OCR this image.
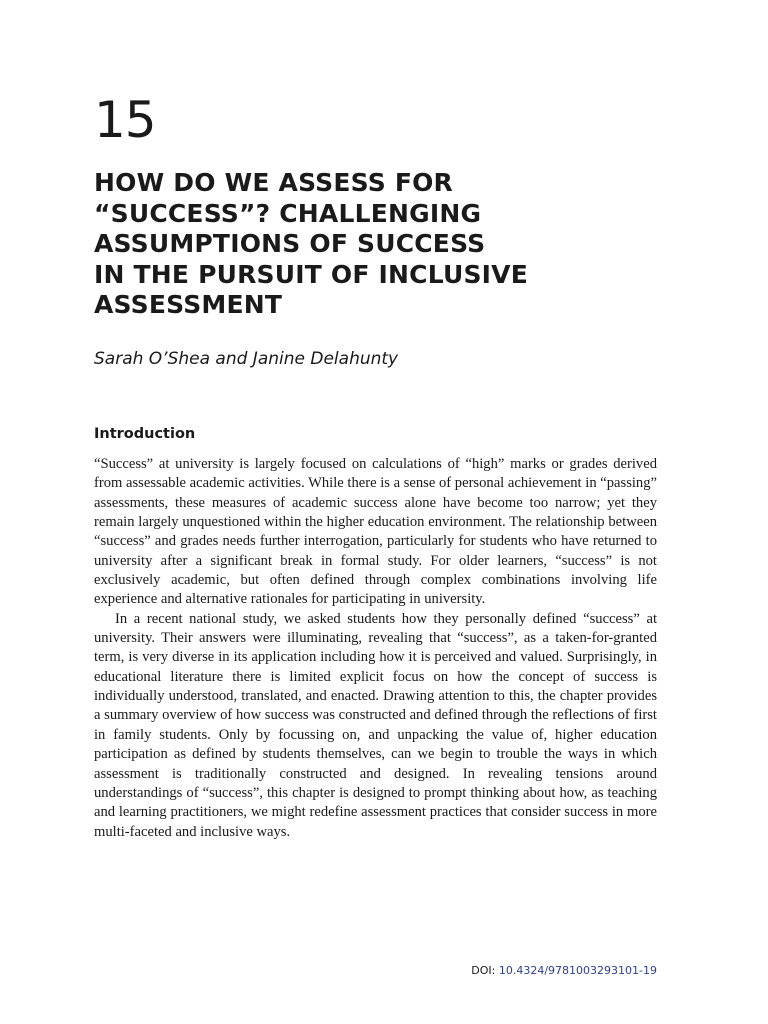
15
HOW DO WE ASSESS FOR
“SUCCESS”? CHALLENGING
ASSUMPTIONS OF SUCCESS
IN THE PURSUIT OF INCLUSIVE
ASSESSMENT
Sarah O’Shea and Janine Delahunty
Introduction

“Success” at university is largely focused on calculations of “high” marks or grades derived from assessable academic activities. While there is a sense of personal achievement in “passing” assessments, these measures of academic success alone have become too narrow; yet they remain largely unquestioned within the higher education environment. The relationship between “success” and grades needs further interrogation, particularly for students who have returned to university after a significant break in formal study. For older learners, “success” is not exclusively academic, but often defined through complex combinations involving life experience and alternative rationales for participating in university.

In a recent national study, we asked students how they personally defined “success” at university. Their answers were illuminating, revealing that “success”, as a taken-for-granted term, is very diverse in its application including how it is perceived and valued. Surprisingly, in educational literature there is limited explicit focus on how the concept of success is individually understood, translated, and enacted. Drawing attention to this, the chapter provides a summary overview of how success was constructed and defined through the reflections of first in family students. Only by focussing on, and unpacking the value of, higher education participation as defined by students themselves, can we begin to trouble the ways in which assessment is traditionally constructed and designed. In revealing tensions around understandings of “success”, this chapter is designed to prompt thinking about how, as teaching and learning practitioners, we might redefine assessment practices that consider success in more multi-faceted and inclusive ways.

DOI: 10.4324/9781003293101-19
